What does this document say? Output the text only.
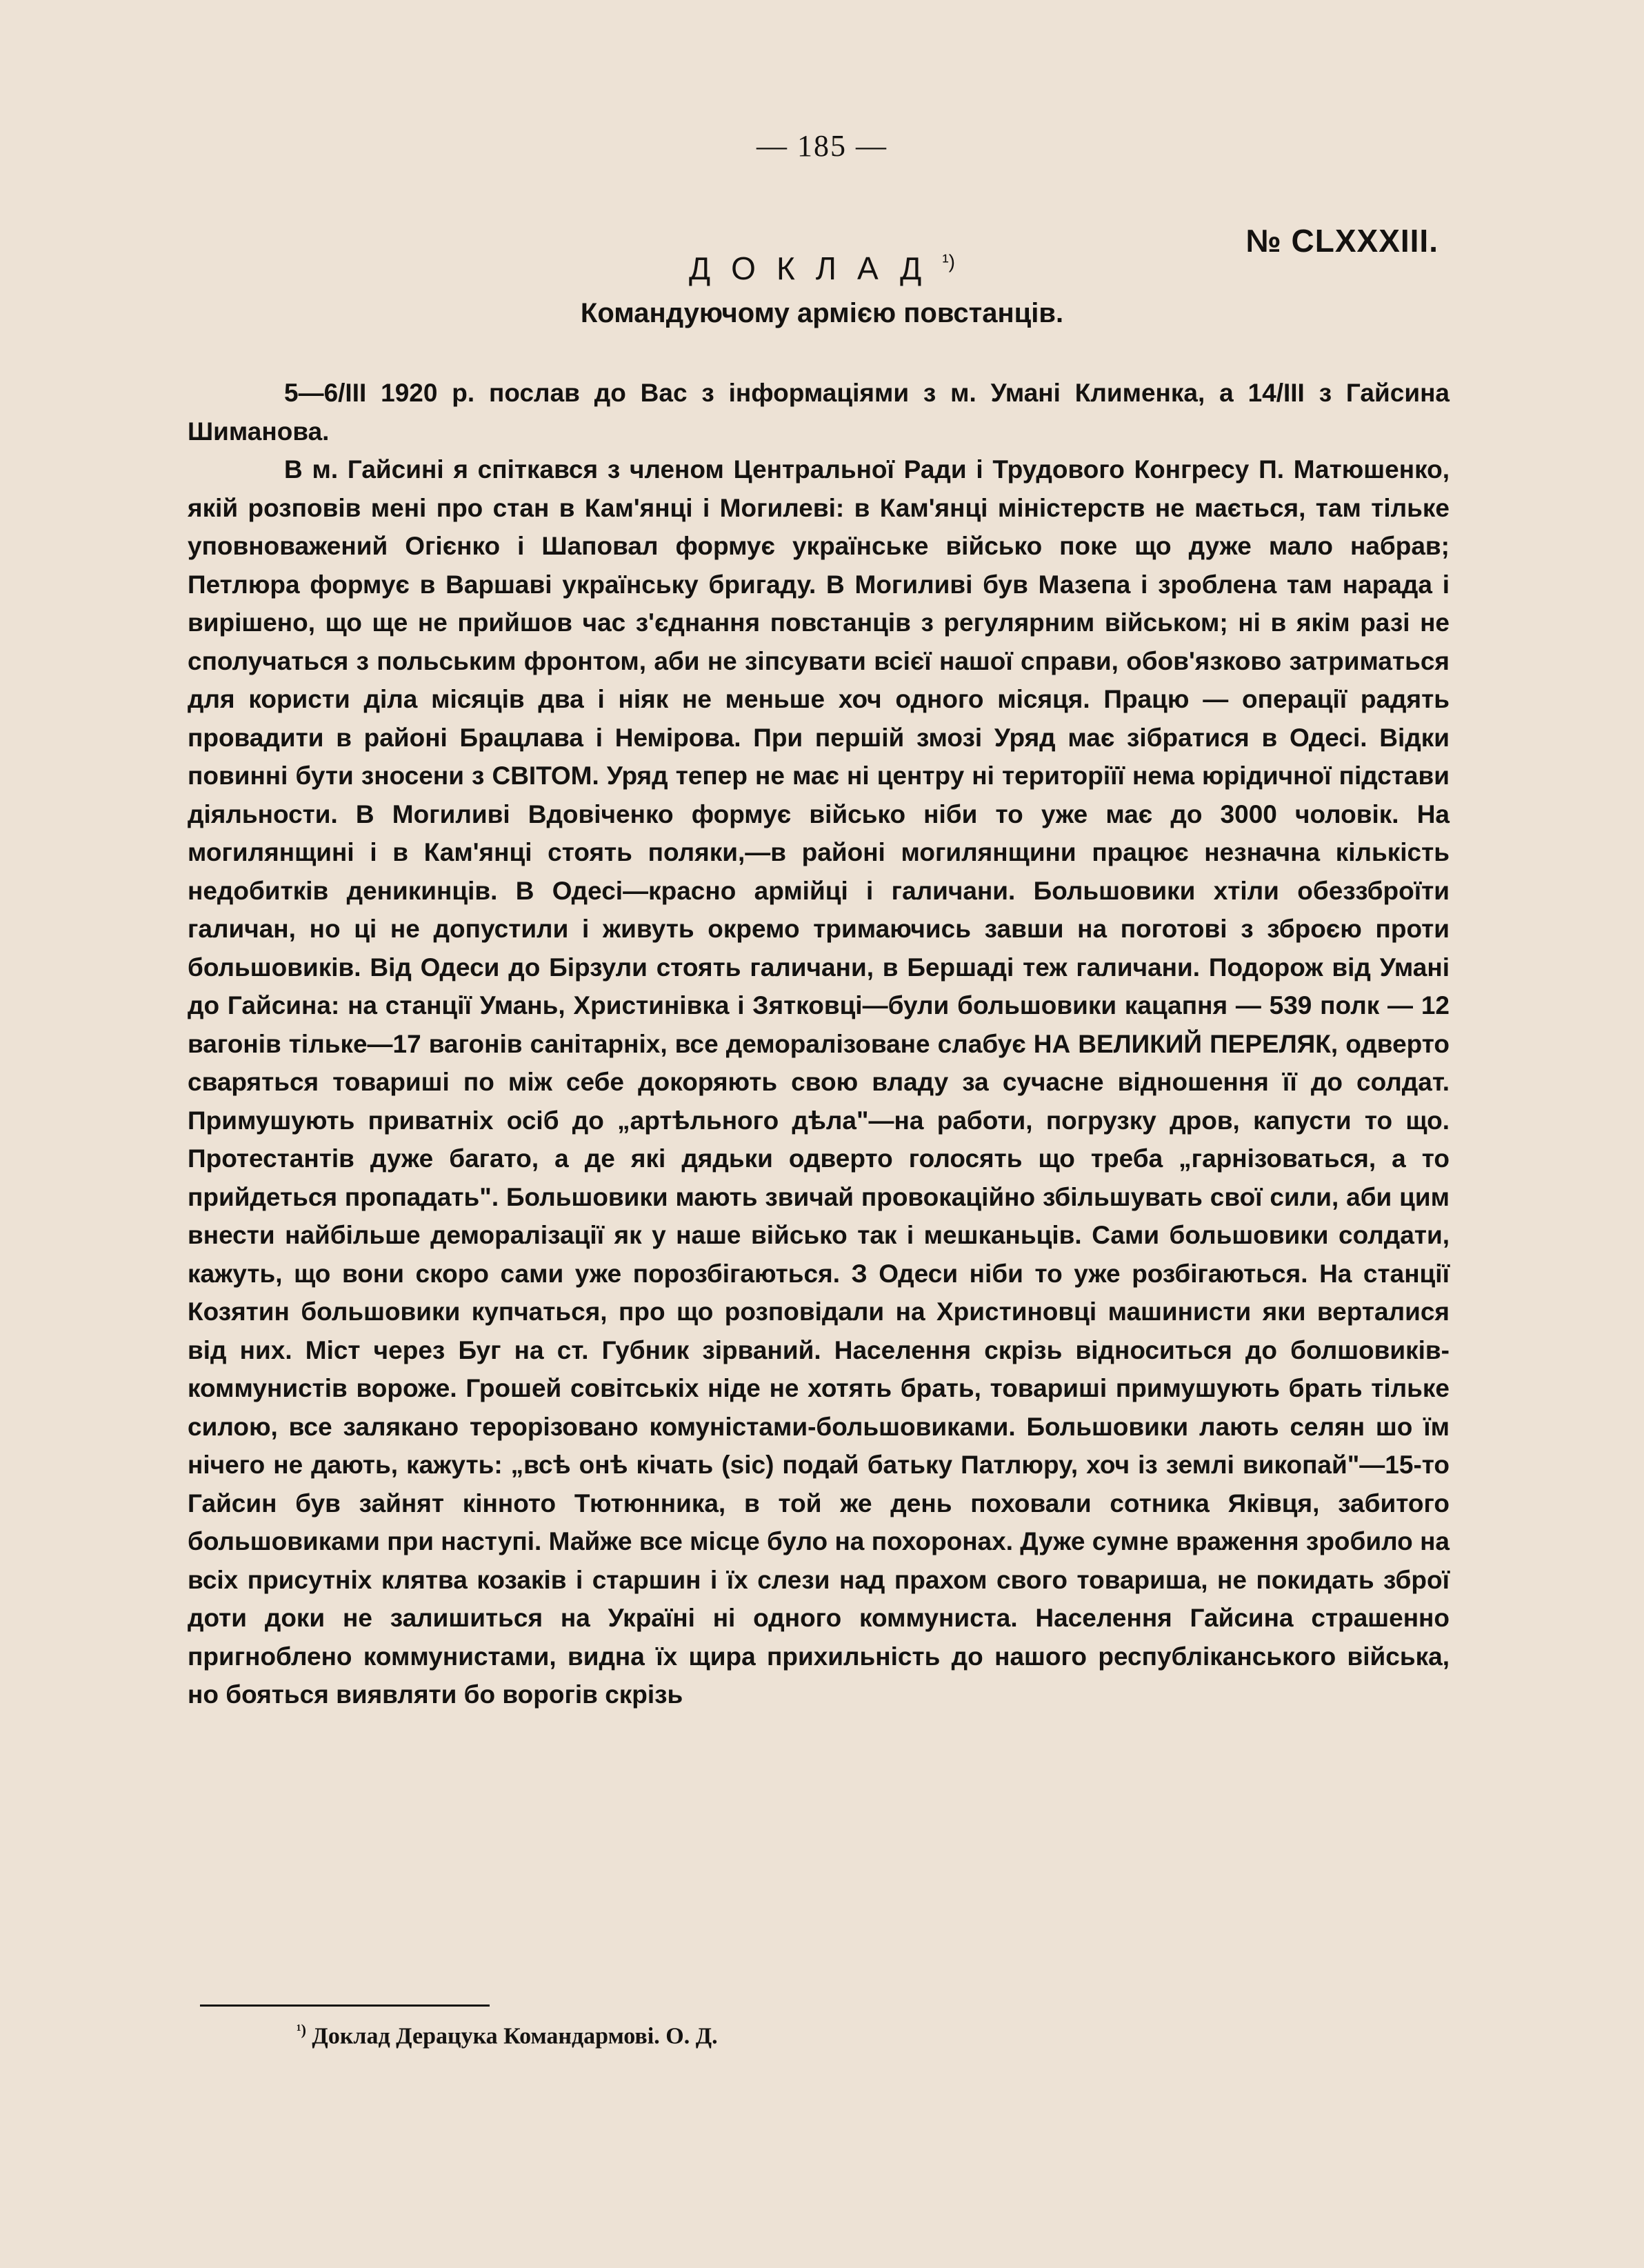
— 185 —
№ CLXXXIII.
$ДОКЛАД^{^1)}$
Командуючому армією повстанців.

5—6/III 1920 р. послав до Вас з інформаціями з м. Умані Клименка, а 14/III з Гайсина Шиманова.

В м. Гайсині я спіткався з членом Центральної Ради і Трудового Конгресу П. Матюшенко, якій розповів мені про стан в Кам'янці і Могилеві: в Кам'янці міністерств не мається, там тільке уповноважений Огієнко і Шаповал формує українське військо поке що дуже мало набрав; Петлюра формує в Варшаві українську бригаду. В Могиливі був Мазепа і зроблена там нарада і вирішено, що ще не прийшов час з'єднання повстанців з регулярним військом; ні в якім разі не сполучаться з польським фронтом, аби не зіпсувати всієї нашої справи, обов'язково затриматься для користи діла місяців два і ніяк не меньше хоч одного місяця. Працю — операції радять провадити в районі Брацлава і Немірова. При першій змозі Уряд має зібратися в Одесі. Відки повинні бути зносени з СВІТОМ. Уряд тепер не має ні центру ні територіїї нема юрідичної підстави діяльности. В Могиливі Вдовіченко формує військо ніби то уже має до 3000 чоловік. На могилянщині і в Кам'янці стоять поляки,—в районі могилянщини працює незначна кількість недобитків деникинців. В Одесі—красно армійці і галичани. Большовики хтіли обеззброїти галичан, но ці не допустили і живуть окремо тримаючись завши на поготові з зброєю проти большовиків. Від Одеси до Бірзули стоять галичани, в Бершаді теж галичани. Подорож від Умані до Гайсина: на станції Умань, Христинівка і Зятковці—були большовики кацапня — 539 полк — 12 вагонів тільке—17 вагонів санітарніх, все деморалізоване слабує НА ВЕЛИКИЙ ПЕРЕЛЯК, одверто сваряться товариші по між себе докоряють свою владу за сучасне відношення її до солдат. Примушують приватніх осіб до „артѣльного дѣла"—на работи, погрузку дров, капусти то що. Протестантів дуже багато, а де які дядьки одверто голосять що треба „гарнізоваться, а то прийдеться пропадать". Большовики мають звичай провокаційно збільшувать свої сили, аби цим внести найбільше деморалізації як у наше військо так і мешканьців. Сами большовики солдати, кажуть, що вони скоро сами уже порозбігаються. З Одеси ніби то уже розбігаються. На станції Козятин большовики купчаться, про що розповідали на Христиновці машинисти яки верталися від них. Міст через Буг на ст. Губник зірваний. Населення скрізь відноситься до болшовиків-коммунистів вороже. Грошей совітськіх ніде не хотять брать, товариші примушують брать тільке силою, все залякано терорізовано комуністами-большовиками. Большовики лають селян шо їм нічего не дають, кажуть: „всѣ онѣ кічать (sic) подай батьку Патлюру, хоч із землі викопай"—15-то Гайсин був зайнят кінното Тютюнника, в той же день поховали сотника Яківця, забитого большовиками при наступі. Майже все місце було на похоронах. Дуже сумне враження зробило на всіх присутніх клятва козаків і старшин і їх слези над прахом свого товариша, не покидать зброї доти доки не залишиться на Україні ні одного коммуниста. Населення Гайсина страшенно пригноблено коммунистами, видна їх щира прихильність до нашого республіканського війська, но бояться виявляти бо ворогів скрізь

$^{^1)}$ Доклад Дерацука Командармові. О. Д.
